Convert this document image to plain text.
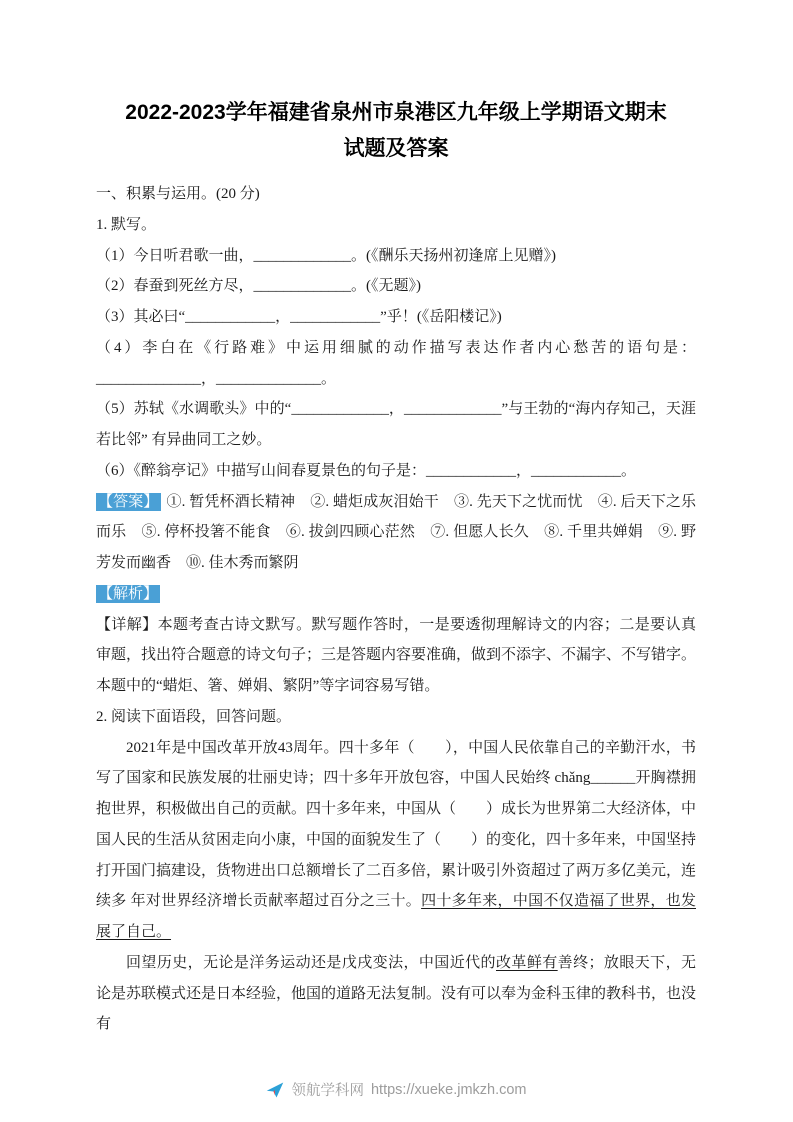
2022-2023学年福建省泉州市泉港区九年级上学期语文期末
试题及答案

一、积累与运用。(20 分)

1. 默写。

（1）今日听君歌一曲，_____________。(《酬乐天扬州初逢席上见赠》)

（2）春蚕到死丝方尽，_____________。(《无题》)

（3）其必曰“____________，____________”乎！(《岳阳楼记》)

（4）李白在《行路难》中运用细腻的动作描写表达作者内心愁苦的语句是：______________，______________。

（5）苏轼《水调歌头》中的“_____________，_____________”与王勃的“海内存知己，天涯若比邻” 有异曲同工之妙。

（6）《醉翁亭记》中描写山间春夏景色的句子是：____________，____________。

【答案】 ①. 暂凭杯酒长精神　②. 蜡炬成灰泪始干　③. 先天下之忧而忧　④. 后天下之乐而乐　⑤. 停杯投箸不能食　⑥. 拔剑四顾心茫然　⑦. 但愿人长久　⑧. 千里共婵娟　⑨. 野芳发而幽香　⑩. 佳木秀而繁阴

【解析】

【详解】本题考查古诗文默写。默写题作答时，一是要透彻理解诗文的内容；二是要认真审题，找出符合题意的诗文句子；三是答题内容要准确，做到不添字、不漏字、不写错字。本题中的“蜡炬、箸、婵娟、繁阴”等字词容易写错。

2. 阅读下面语段，回答问题。

2021年是中国改革开放43周年。四十多年（　　），中国人民依靠自己的辛勤汗水，书写了国家和民族发展的壮丽史诗；四十多年开放包容，中国人民始终 chǎng______开胸襟拥抱世界，积极做出自己的贡献。四十多年来，中国从（　　）成长为世界第二大经济体，中国人民的生活从贫困走向小康，中国的面貌发生了（　　）的变化，四十多年来，中国坚持打开国门搞建设，货物进出口总额增长了二百多倍，累计吸引外资超过了两万多亿美元，连续多 年对世界经济增长贡献率超过百分之三十。四十多年来，中国不仅造福了世界，也发展了自己。

回望历史，无论是洋务运动还是戊戌变法，中国近代的改革鲜有善终；放眼天下，无论是苏联模式还是日本经验，他国的道路无法复制。没有可以奉为金科玉律的教科书，也没有

领航学科网 https://xueke.jmkzh.com
